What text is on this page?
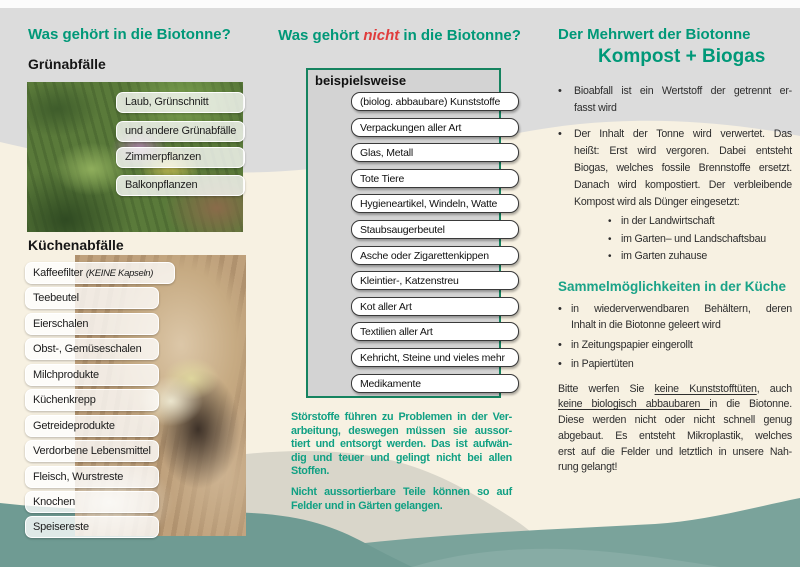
Was gehört in die Biotonne?
Grünabfälle
Laub, Grünschnitt
und andere Grünabfälle
Zimmerpflanzen
Balkonpflanzen
Küchenabfälle
Kaffeefilter (KEINE Kapseln)
Teebeutel
Eierschalen
Obst-, Gemüseschalen
Milchprodukte
Küchenkrepp
Getreideprodukte
Verdorbene Lebensmittel
Fleisch, Wurstreste
Knochen
Speisereste
Was gehört nicht in die Biotonne?
beispielsweise
(biolog. abbaubare) Kunststoffe
Verpackungen aller Art
Glas, Metall
Tote Tiere
Hygieneartikel, Windeln, Watte
Staubsaugerbeutel
Asche oder Zigarettenkippen
Kleintier-, Katzenstreu
Kot aller Art
Textilien aller Art
Kehricht, Steine und vieles mehr
Medikamente
Störstoffe führen zu Problemen in der Ver-
arbeitung, deswegen müssen sie aussor-
tiert und entsorgt werden. Das ist aufwän-
dig und teuer und gelingt nicht bei allen
Stoffen.
Nicht aussortierbare Teile können so auf
Felder und in Gärten gelangen.
Der Mehrwert der Biotonne
Kompost + Biogas
•	Bioabfall ist ein Wertstoff der getrennt er-
fasst wird
•	Der Inhalt der Tonne wird verwertet. Das
heißt: Erst wird vergoren. Dabei entsteht
Biogas, welches fossile Brennstoffe ersetzt.
Danach wird kompostiert. Der verbleibende
Kompost wird als Dünger eingesetzt:
• in der Landwirtschaft
• im Garten– und Landschaftsbau
• im Garten zuhause
Sammelmöglichkeiten in der Küche
• in wiederverwendbaren Behältern, deren
Inhalt in die Biotonne geleert wird
• in Zeitungspapier eingerollt
• in Papiertüten
Bitte werfen Sie keine Kunststofftüten, auch
keine biologisch abbaubaren in die Biotonne.
Diese werden nicht oder nicht schnell genug
abgebaut. Es entsteht Mikroplastik, welches
erst auf die Felder und letztlich in unsere Nah-
rung gelangt!
